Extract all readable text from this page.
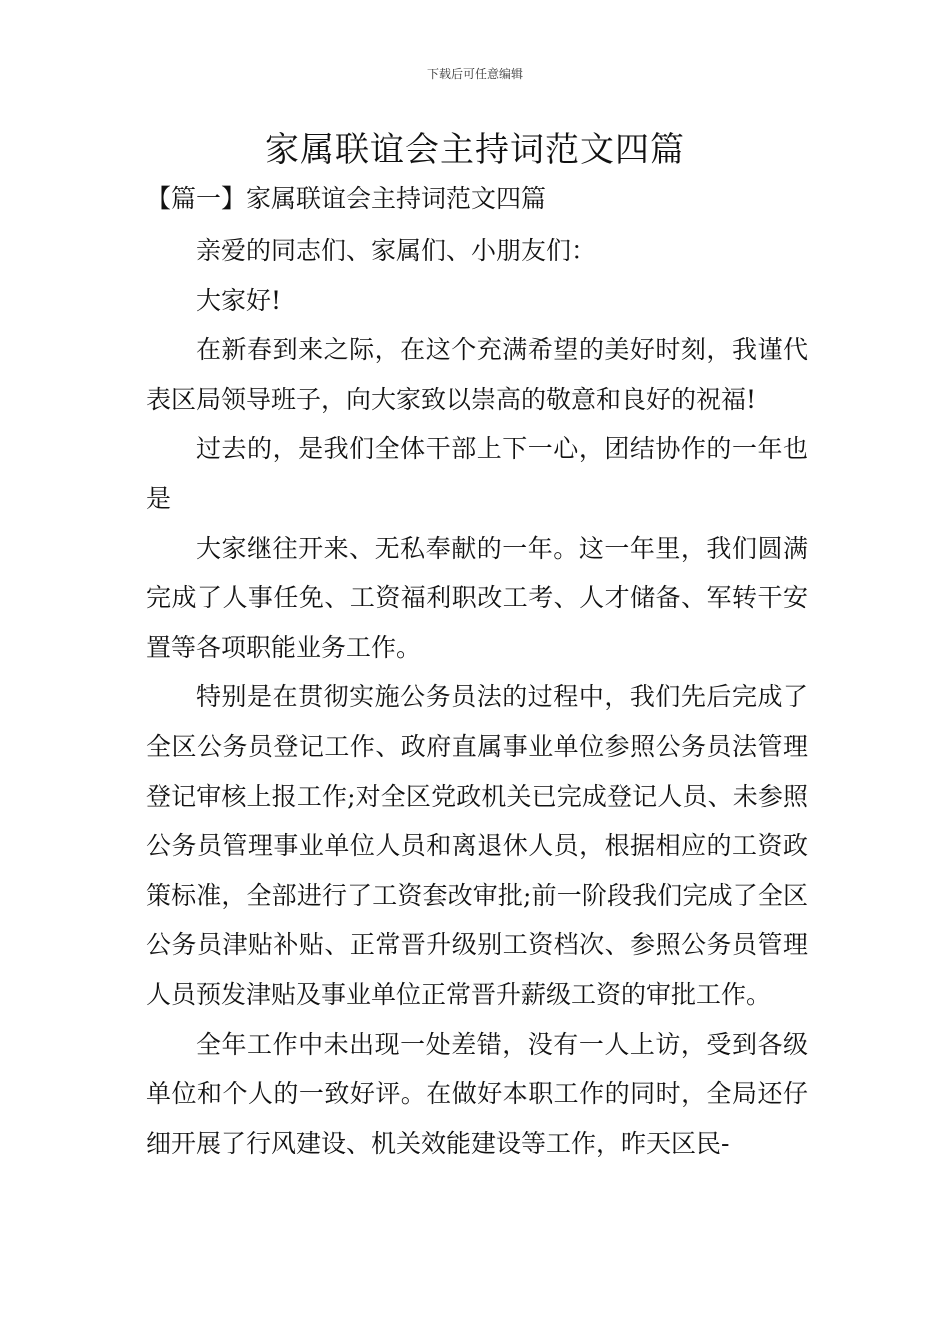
下载后可任意编辑
家属联谊会主持词范文四篇
【篇一】家属联谊会主持词范文四篇

亲爱的同志们、家属们、小朋友们：

大家好!

在新春到来之际，在这个充满希望的美好时刻，我谨代表区局领导班子，向大家致以崇高的敬意和良好的祝福!

过去的，是我们全体干部上下一心，团结协作的一年也是

大家继往开来、无私奉献的一年。这一年里，我们圆满完成了人事任免、工资福利职改工考、人才储备、军转干安置等各项职能业务工作。

特别是在贯彻实施公务员法的过程中，我们先后完成了全区公务员登记工作、政府直属事业单位参照公务员法管理登记审核上报工作;对全区党政机关已完成登记人员、未参照公务员管理事业单位人员和离退休人员，根据相应的工资政策标准，全部进行了工资套改审批;前一阶段我们完成了全区公务员津贴补贴、正常晋升级别工资档次、参照公务员管理人员预发津贴及事业单位正常晋升薪级工资的审批工作。

全年工作中未出现一处差错，没有一人上访，受到各级单位和个人的一致好评。在做好本职工作的同时，全局还仔细开展了行风建设、机关效能建设等工作，昨天区民-
